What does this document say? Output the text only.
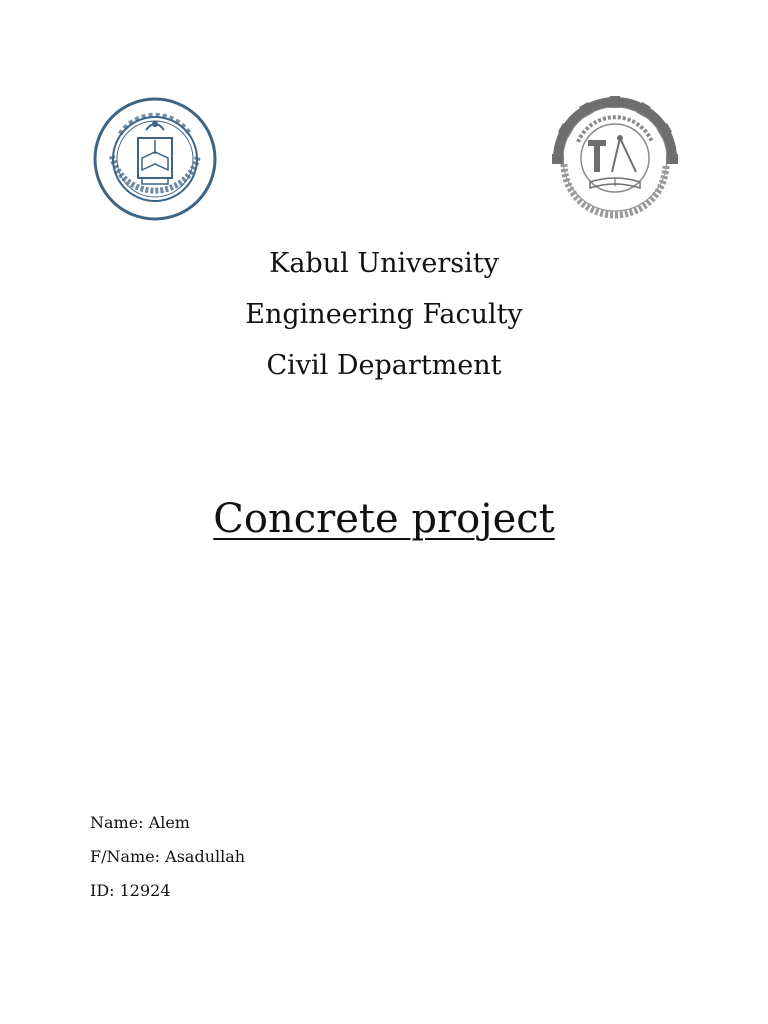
Kabul University
Engineering Faculty
Civil Department
Concrete project
Name: Alem
F/Name: Asadullah
ID: 12924
